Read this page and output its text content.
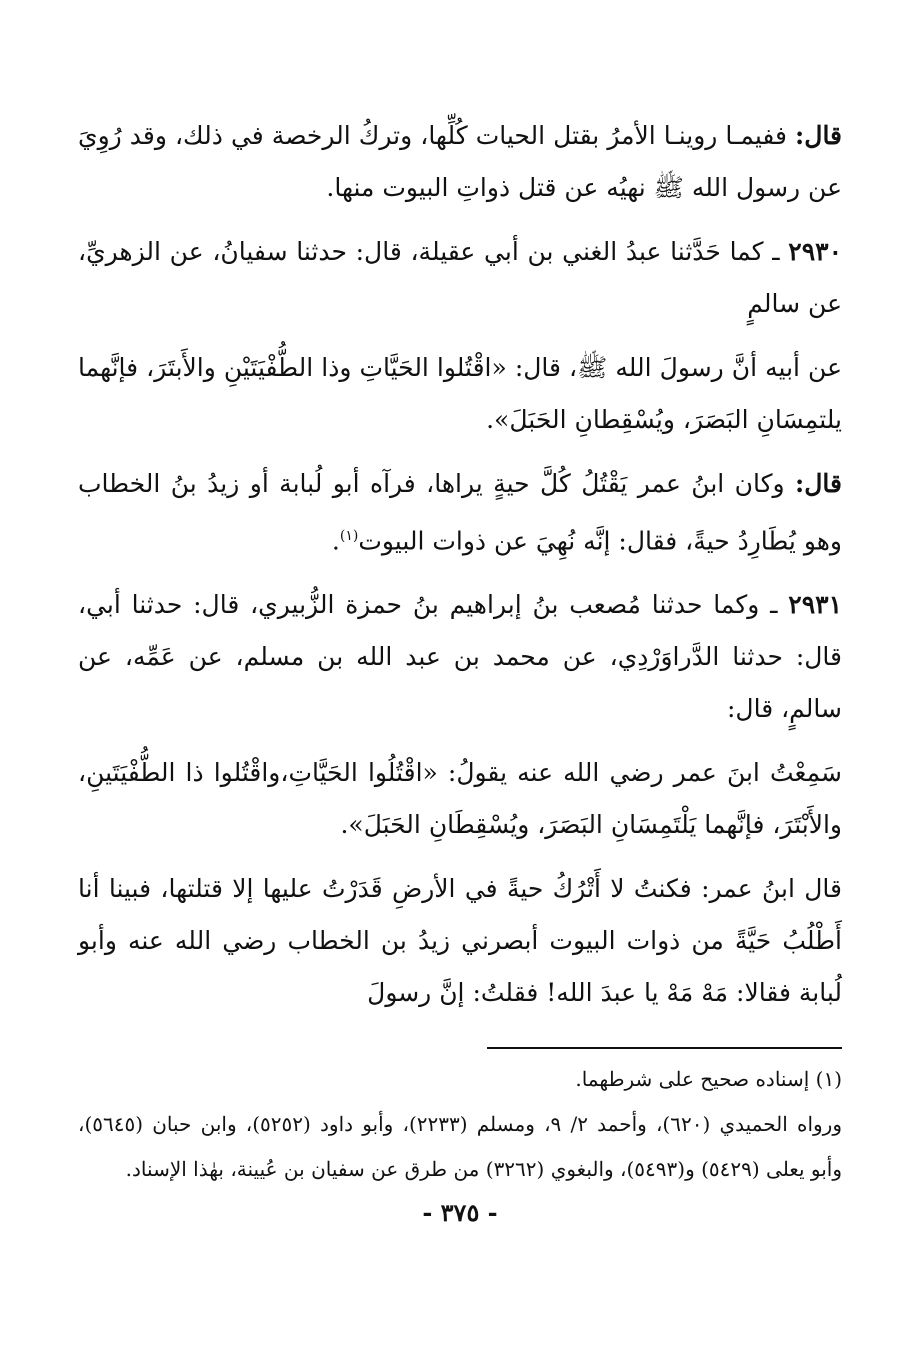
قال: ففيمـا روينـا الأمرُ بقتل الحيات كُلِّها، وتركُ الرخصة في ذلك، وقد رُوِيَ عن رسول الله ﷺ نهيُه عن قتل ذواتِ البيوت منها.

٢٩٣٠ ـ كما حَدَّثنا عبدُ الغني بن أبي عقيلة، قال: حدثنا سفيانُ، عن الزهريِّ، عن سالمٍ

عن أبيه أنَّ رسولَ الله ﷺ، قال: «اقْتُلوا الحَيَّاتِ وذا الطُّفْيَتَيْنِ والأَبتَرَ، فإنَّهما يلتمِسَانِ البَصَرَ، ويُسْقِطانِ الحَبَلَ».

قال: وكان ابنُ عمر يَقْتُلُ كُلَّ حيةٍ يراها، فرآه أبو لُبابة أو زيدُ بنُ الخطاب وهو يُطَارِدُ حيةً، فقال: إنَّه نُهِيَ عن ذوات البيوت$^{(١)}$.

٢٩٣١ ـ وكما حدثنا مُصعب بنُ إبراهيم بنُ حمزة الزُّبيري، قال: حدثنا أبي، قال: حدثنا الدَّراوَرْدِي، عن محمد بن عبد الله بن مسلم، عن عَمِّه، عن سالمٍ، قال:

سَمِعْتُ ابنَ عمر رضي الله عنه يقولُ: «اقْتُلُوا الحَيَّاتِ،واقْتُلوا ذا الطُّفْيَتَينِ، والأَبْتَرَ، فإنَّهما يَلْتَمِسَانِ البَصَرَ، ويُسْقِطَانِ الحَبَلَ».

قال ابنُ عمر: فكنتُ لا أَتْرُكُ حيةً في الأرضِ قَدَرْتُ عليها إلا قتلتها، فبينا أنا أَطْلُبُ حَيَّةً من ذوات البيوت أبصرني زيدُ بن الخطاب رضي الله عنه وأبو لُبابة فقالا: مَهْ مَهْ يا عبدَ الله! فقلتُ: إنَّ رسولَ

(١) إسناده صحيح على شرطهما.

ورواه الحميدي (٦٢٠)، وأحمد ٢/ ٩، ومسلم (٢٢٣٣)، وأبو داود (٥٢٥٢)، وابن حبان (٥٦٤٥)، وأبو يعلى (٥٤٢٩) و(٥٤٩٣)، والبغوي (٣٢٦٢) من طرق عن سفيان بن عُيينة، بهٰذا الإسناد.

- ٣٧٥ -
